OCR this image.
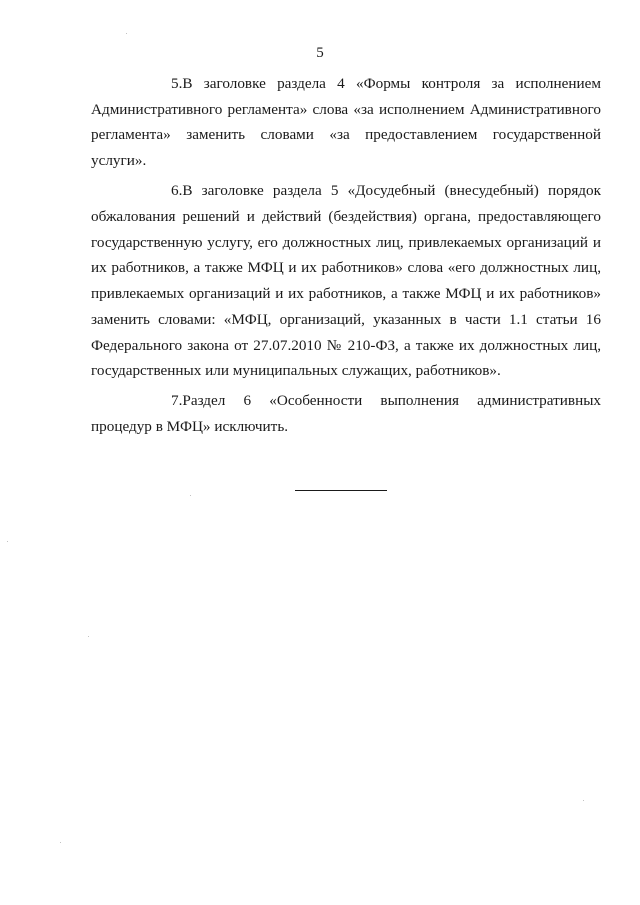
5

5.В заголовке раздела 4 «Формы контроля за исполнением Административного регламента» слова «за исполнением Административного регламента» заменить словами «за предоставлением государственной услуги».

6.В заголовке раздела 5 «Досудебный (внесудебный) порядок обжалования решений и действий (бездействия) органа, предоставляющего государственную услугу, его должностных лиц, привлекаемых организаций и их работников, а также МФЦ и их работников» слова «его должностных лиц, привлекаемых организаций и их работников, а также МФЦ и их работников» заменить словами: «МФЦ, организаций, указанных в части 1.1 статьи 16 Федерального закона от 27.07.2010 № 210-ФЗ, а также их должностных лиц, государственных или муниципальных служащих, работников».

7.Раздел 6 «Особенности выполнения административных процедур в МФЦ» исключить.
